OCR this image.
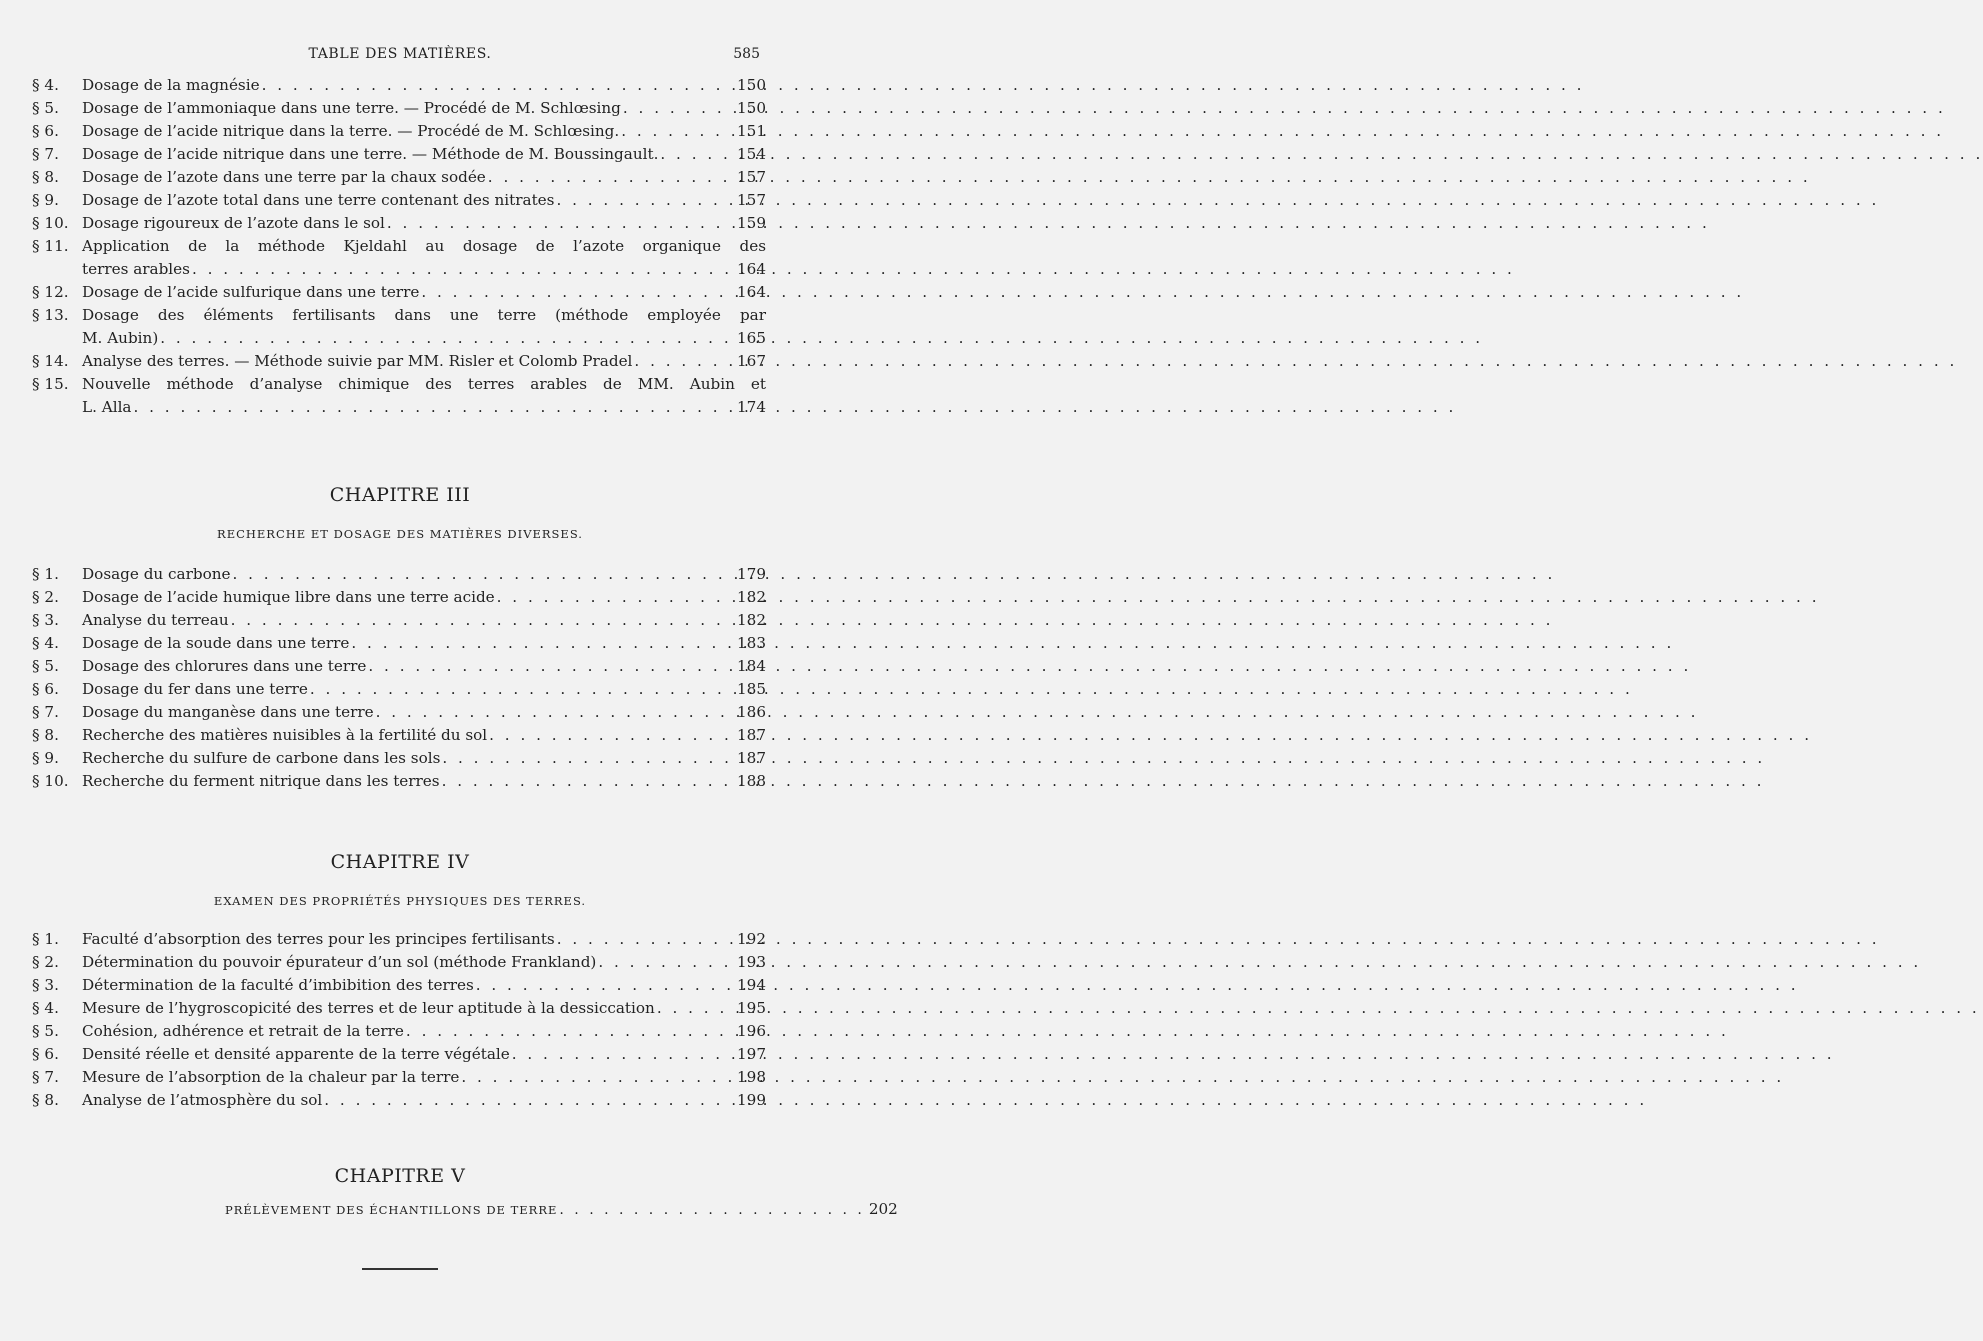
TABLE DES MATIÈRES.	585
§ 4.	Dosage de la magnésie . . .	150
§ 5.	Dosage de l’ammoniaque dans une terre. — Procédé de M. Schlœsing . . .	150
§ 6.	Dosage de l’acide nitrique dans la terre. — Procédé de M. Schlœsing. . . .	151
§ 7.	Dosage de l’acide nitrique dans une terre. — Méthode de M. Boussingault. . . .	154
§ 8.	Dosage de l’azote dans une terre par la chaux sodée . . .	157
§ 9.	Dosage de l’azote total dans une terre contenant des nitrates . . .	157
§ 10. Dosage rigoureux de l’azote dans le sol . . .	159
§ 11. Application de la méthode Kjeldahl au dosage de l’azote organique des
terres arables . . .	164
§ 12. Dosage de l’acide sulfurique dans une terre . . .	164
§ 13. Dosage des éléments fertilisants dans une terre (méthode employée par
M. Aubin) . . .	165
§ 14. Analyse des terres. — Méthode suivie par MM. Risler et Colomb Pradel . . .	167
§ 15. Nouvelle méthode d’analyse chimique des terres arables de MM. Aubin et
L. Alla . . .	174
CHAPITRE III
RECHERCHE ET DOSAGE DES MATIÈRES DIVERSES.
§ 1.	Dosage du carbone . . .	179
§ 2.	Dosage de l’acide humique libre dans une terre acide . . .	182
§ 3.	Analyse du terreau . . .	182
§ 4.	Dosage de la soude dans une terre . . .	183
§ 5.	Dosage des chlorures dans une terre . . .	184
§ 6.	Dosage du fer dans une terre . . .	185
§ 7.	Dosage du manganèse dans une terre . . .	186
§ 8.	Recherche des matières nuisibles à la fertilité du sol . . .	187
§ 9.	Recherche du sulfure de carbone dans les sols . . .	187
§ 10. Recherche du ferment nitrique dans les terres . . .	188
CHAPITRE IV
EXAMEN DES PROPRIÉTÉS PHYSIQUES DES TERRES.
§ 1.	Faculté d’absorption des terres pour les principes fertilisants . . .	192
§ 2.	Détermination du pouvoir épurateur d’un sol (méthode Frankland) . . .	193
§ 3.	Détermination de la faculté d’imbibition des terres . . .	194
§ 4.	Mesure de l’hygroscopicité des terres et de leur aptitude à la dessiccation . . .	195
§ 5.	Cohésion, adhérence et retrait de la terre . . .	196
§ 6.	Densité réelle et densité apparente de la terre végétale . . .	197
§ 7.	Mesure de l’absorption de la chaleur par la terre . . .	198
§ 8.	Analyse de l’atmosphère du sol . . .	199
CHAPITRE V
PRÉLÈVEMENT DES ÉCHANTILLONS DE TERRE . . .	202
